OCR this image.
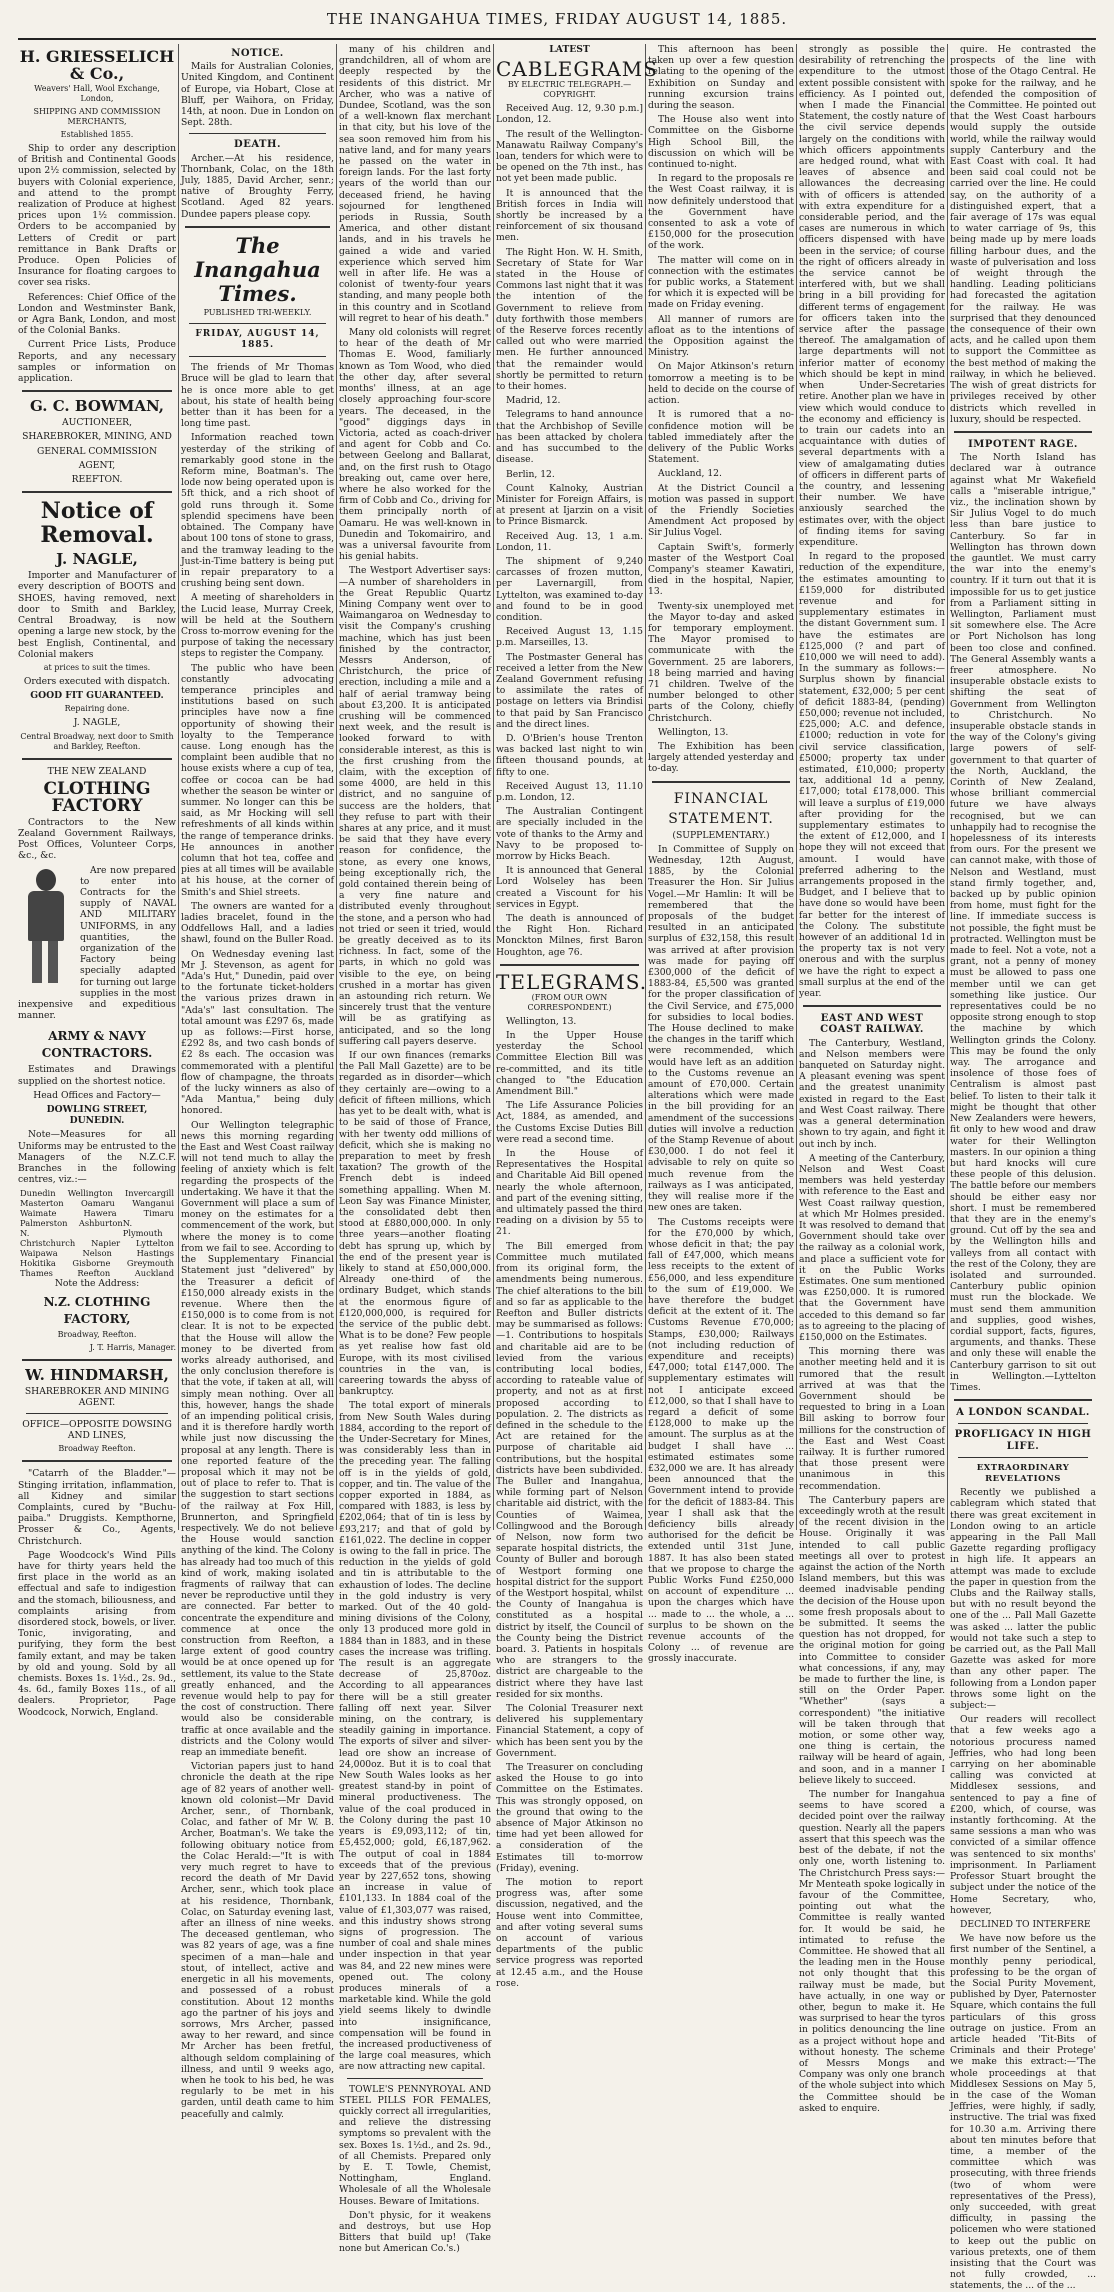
THE INANGAHUA TIMES, FRIDAY AUGUST 14, 1885.
H. GRIESSELICH & Co.,

Weavers' Hall, Wool Exchange, London,

SHIPPING AND COMMISSION MERCHANTS,

Established 1855.

Ship to order any description of British and Continental Goods upon 2½ commission, selected by buyers with Colonial experience, and attend to the prompt realization of Produce at highest prices upon 1½ commission. Orders to be accompanied by Letters of Credit or part remittance in Bank Drafts or Produce. Open Policies of Insurance for floating cargoes to cover sea risks.

References: Chief Office of the London and Westminster Bank, or Agra Bank, London, and most of the Colonial Banks.

Current Price Lists, Produce Reports, and any necessary samples or information on application.

G. C. BOWMAN,

AUCTIONEER,

SHAREBROKER, MINING, AND

GENERAL COMMISSION

AGENT,

REEFTON.

Notice of Removal.
J. NAGLE,

Importer and Manufacturer of every description of BOOTS and SHOES, having removed, next door to Smith and Barkley, Central Broadway, is now opening a large new stock, by the best English, Continental, and Colonial makers

at prices to suit the times.

Orders executed with dispatch.

GOOD FIT GUARANTEED.

Repairing done.

J. NAGLE,

Central Broadway, next door to Smith and Barkley, Reefton.

THE NEW ZEALAND

CLOTHING FACTORY

Contractors to the New Zealand Government Railways, Post Offices, Volunteer Corps, &c., &c.

Are now prepared to enter into Contracts for the supply of NAVAL AND MILITARY UNIFORMS, in any quantities, the organization of the Factory being specially adapted for turning out large supplies in the most inexpensive and expeditious manner.

ARMY & NAVY CONTRACTORS.

Estimates and Drawings supplied on the shortest notice.

Head Offices and Factory—

DOWLING STREET, DUNEDIN.

Note—Measures for all Uniforms may be entrusted to the Managers of the N.Z.C.F. Branches in the following centres, viz.:—

Dunedin Wellington Invercargill
Masterton Oamaru Wanganui
Waimate	Hawera	Timaru
Palmerston N.
Ashburton N. Plymouth
Christchurch Napier Lyttelton
Waipawa	Nelson	Hastings
Hokitika Gisborne Greymouth
Thames	Reefton	Auckland

Note the Address:

N.Z. CLOTHING FACTORY,

Broadway, Reefton.

J. T. Harris, Manager.

W. HINDMARSH,

SHAREBROKER AND MINING AGENT.

OFFICE—OPPOSITE DOWSING AND LINES,

Broadway Reefton.

"Catarrh of the Bladder."—Stinging irritation, inflammation, all Kidney and similar Complaints, cured by "Buchu-paiba." Druggists. Kempthorne, Prosser & Co., Agents, Christchurch.

Page Woodcock's Wind Pills have for thirty years held the first place in the world as an effectual and safe to indigestion and the stomach, biliousness, and complaints arising from disordered stock, bowels, or liver. Tonic, invigorating, and purifying, they form the best family extant, and may be taken by old and young. Sold by all chemists. Boxes 1s. 1½d., 2s. 9d., 4s. 6d., family Boxes 11s., of all dealers. Proprietor, Page Woodcock, Norwich, England.

NOTICE.

Mails for Australian Colonies, United Kingdom, and Continent of Europe, via Hobart, Close at Bluff, per Waihora, on Friday, 14th, at noon. Due in London on Sept. 28th.

DEATH.

Archer.—At his residence, Thornbank, Colac, on the 18th July, 1885, David Archer, senr.; native of Broughty Ferry, Scotland. Aged 82 years. Dundee papers please copy.

The Inangahua Times.

PUBLISHED TRI-WEEKLY.

FRIDAY, AUGUST 14, 1885.

The friends of Mr Thomas Bruce will be glad to learn that he is once more able to get about, his state of health being better than it has been for a long time past.

Information reached town yesterday of the striking of remarkably good stone in the Reform mine, Boatman's. The lode now being operated upon is 5ft thick, and a rich shoot of gold runs through it. Some splendid specimens have been obtained. The Company have about 100 tons of stone to grass, and the tramway leading to the Just-in-Time battery is being put in repair preparatory to a crushing being sent down.

A meeting of shareholders in the Lucid lease, Murray Creek, will be held at the Southern Cross to-morrow evening for the purpose of taking the necessary steps to register the Company.

The public who have been constantly advocating temperance principles and institutions based on such principles have now a fine opportunity of showing their loyalty to the Temperance cause. Long enough has the complaint been audible that no house exists where a cup of tea, coffee or cocoa can be had whether the season be winter or summer. No longer can this be said, as Mr Hocking will sell refreshments of all kinds within the range of temperance drinks. He announces in another column that hot tea, coffee and pies at all times will be available at his house, at the corner of Smith's and Shiel streets.

The owners are wanted for a ladies bracelet, found in the Oddfellows Hall, and a ladies shawl, found on the Buller Road.

On Wednesday evening last Mr J. Stevenson, as agent for "Ada's Hut," Dunedin, paid over to the fortunate ticket-holders the various prizes drawn in "Ada's" last consultation. The total amount was £297 6s, made up as follows:—First horse, £292 8s, and two cash bonds of £2 8s each. The occasion was commemorated with a plentiful flow of champagne, the throats of the lucky winners as also of "Ada Mantua," being duly honored.

Our Wellington telegraphic news this morning regarding the East and West Coast railway will not tend much to allay the feeling of anxiety which is felt regarding the prospects of the undertaking. We have it that the Government will place a sum of money on the estimates for a commencement of the work, but where the money is to come from we fail to see. According to the Supplementary Financial Statement just "delivered" by the Treasurer a deficit of £150,000 already exists in the revenue. Where then the £150,000 is to come from is not clear. It is not to be expected that the House will allow the money to be diverted from works already authorised, and the only conclusion therefore is that the vote, if taken at all, will simply mean nothing. Over all this, however, hangs the shade of an impending political crisis, and it is therefore hardly worth while just now discussing the proposal at any length. There is one reported feature of the proposal which it may not be out of place to refer to. That is the suggestion to start sections of the railway at Fox Hill, Brunnerton, and Springfield respectively. We do not believe the House would sanction anything of the kind. The Colony has already had too much of this kind of work, making isolated fragments of railway that can never be reproductive until they are connected. Far better to concentrate the expenditure and commence at once the construction from Reefton, a large extent of good country would be at once opened up for settlement, its value to the State greatly enhanced, and the revenue would help to pay for the cost of construction. There would also be considerable traffic at once available and the districts and the Colony would reap an immediate benefit.

Victorian papers just to hand chronicle the death at the ripe age of 82 years of another well-known old colonist—Mr David Archer, senr., of Thornbank, Colac, and father of Mr W. B. Archer, Boatman's. We take the following obituary notice from the Colac Herald:—"It is with very much regret to have to record the death of Mr David Archer, senr., which took place at his residence, Thornbank, Colac, on Saturday evening last, after an illness of nine weeks. The deceased gentleman, who was 82 years of age, was a fine specimen of a man—hale and stout, of intellect, active and energetic in all his movements, and possessed of a robust constitution. About 12 months ago the partner of his joys and sorrows, Mrs Archer, passed away to her reward, and since Mr Archer has been fretful, although seldom complaining of illness, and until 9 weeks ago, when he took to his bed, he was regularly to be met in his garden, until death came to him peacefully and calmly.

many of his children and grandchildren, all of whom are deeply respected by the residents of this district. Mr Archer, who was a native of Dundee, Scotland, was the son of a well-known flax merchant in that city, but his love of the sea soon removed him from his native land, and for many years he passed on the water in foreign lands. For the last forty years of the world than our deceased friend, he having sojourned for lengthened periods in Russia, South America, and other distant lands, and in his travels he gained a wide and varied experience which served him well in after life. He was a colonist of twenty-four years standing, and many people both in this country and in Scotland will regret to hear of his death."

Many old colonists will regret to hear of the death of Mr Thomas E. Wood, familiarly known as Tom Wood, who died the other day, after several months' illness, at an age closely approaching four-score years. The deceased, in the "good" diggings days in Victoria, acted as coach-driver and agent for Cobb and Co. between Geelong and Ballarat, and, on the first rush to Otago breaking out, came over here, where he also worked for the firm of Cobb and Co., driving for them principally north of Oamaru. He was well-known in Dunedin and Tokomairiro, and was a universal favourite from his genial habits.

The Westport Advertiser says:—A number of shareholders in the Great Republic Quartz Mining Company went over to Waimangaroa on Wednesday to visit the Company's crushing machine, which has just been finished by the contractor, Messrs Anderson, of Christchurch, the price of erection, including a mile and a half of aerial tramway being about £3,200. It is anticipated crushing will be commenced next week, and the result is looked forward to with considerable interest, as this is the first crushing from the claim, with the exception of some 4000, are held in this district, and no sanguine of success are the holders, that they refuse to part with their shares at any price, and it must be said that they have every reason for confidence, the stone, as every one knows, being exceptionally rich, the gold contained therein being of a very fine nature and distributed evenly throughout the stone, and a person who had not tried or seen it tried, would be greatly deceived as to its richness. In fact, some of the parts, in which no gold was visible to the eye, on being crushed in a mortar has given an astounding rich return. We sincerely trust that the venture will be as gratifying as anticipated, and so the long suffering call payers deserve.

If our own finances (remarks the Pall Mall Gazette) are to be regarded as in disorder—which they certainly are—owing to a deficit of fifteen millions, which has yet to be dealt with, what is to be said of those of France, with her twenty odd millions of deficit, which she is making no preparation to meet by fresh taxation? The growth of the French debt is indeed something appalling. When M. Leon Say was Finance Minister, the consolidated debt then stood at £880,000,000. In only three years—another floating debt has sprung up, which by the end of the present year is likely to stand at £50,000,000. Already one-third of the ordinary Budget, which stands at the enormous figure of £120,000,000, is required for the service of the public debt. What is to be done? Few people as yet realise how fast old Europe, with its most civilised countries in the van, is careering towards the abyss of bankruptcy.

The total export of minerals from New South Wales during 1884, according to the report of the Under-Secretary for Mines, was considerably less than in the preceding year. The falling off is in the yields of gold, copper, and tin. The value of the copper exported in 1884, as compared with 1883, is less by £202,064; that of tin is less by £93,217; and that of gold by £161,022. The decline in copper is owing to the fall in price. The reduction in the yields of gold and tin is attributable to the exhaustion of lodes. The decline in the gold industry is very marked. Out of the 40 gold-mining divisions of the Colony, only 13 produced more gold in 1884 than in 1883, and in these cases the increase was trifling. The result is an aggregate decrease of 25,870oz. According to all appearances there will be a still greater falling off next year. Silver mining, on the contrary, is steadily gaining in importance. The exports of silver and silver-lead ore show an increase of 24,000oz. But it is to coal that New South Wales looks as her greatest stand-by in point of mineral productiveness. The value of the coal produced in the Colony during the past 10 years is £9,093,112; of tin, £5,452,000; gold, £6,187,962. The output of coal in 1884 exceeds that of the previous year by 227,652 tons, showing an increase in value of £101,133. In 1884 coal of the value of £1,303,077 was raised, and this industry shows strong signs of progression. The number of coal and shale mines under inspection in that year was 84, and 22 new mines were opened out. The colony produces minerals of a marketable kind. While the gold yield seems likely to dwindle into insignificance, compensation will be found in the increased productiveness of the large coal measures, which are now attracting new capital.

TOWLE'S PENNYROYAL AND STEEL PILLS FOR FEMALES, quickly correct all irregularities, and relieve the distressing symptoms so prevalent with the sex. Boxes 1s. 1½d., and 2s. 9d., of all Chemists. Prepared only by E. T. Towle, Chemist, Nottingham, England. Wholesale of all the Wholesale Houses. Beware of Imitations.

Don't physic, for it weakens and destroys, but use Hop Bitters that build up! (Take none but American Co.'s.)

LATEST

CABLEGRAMS

BY ELECTRIC TELEGRAPH.—COPYRIGHT.

Received Aug. 12, 9.30 p.m.] London, 12.

The result of the Wellington-Manawatu Railway Company's loan, tenders for which were to be opened on the 7th inst., has not yet been made public.

It is announced that the British forces in India will shortly be increased by a reinforcement of six thousand men.

The Right Hon. W. H. Smith, Secretary of State for War stated in the House of Commons last night that it was the intention of the Government to relieve from duty forthwith those members of the Reserve forces recently called out who were married men. He further announced that the remainder would shortly be permitted to return to their homes.

Madrid, 12.

Telegrams to hand announce that the Archbishop of Seville has been attacked by cholera and has succumbed to the disease.

Berlin, 12.

Count Kalnoky, Austrian Minister for Foreign Affairs, is at present at Ijarzin on a visit to Prince Bismarck.

Received Aug. 13, 1 a.m. London, 11.

The shipment of 9,240 carcasses of frozen mutton, per Lavernargill, from Lyttelton, was examined to-day and found to be in good condition.

Received August 13, 1.15 p.m. Marseilles, 13.

The Postmaster General has received a letter from the New Zealand Government refusing to assimilate the rates of postage on letters via Brindisi to that paid by San Francisco and the direct lines.

D. O'Brien's house Trenton was backed last night to win fifteen thousand pounds, at fifty to one.

Received August 13, 11.10 p.m. London, 12.

The Australian Contingent are specially included in the vote of thanks to the Army and Navy to be proposed to-morrow by Hicks Beach.

It is announced that General Lord Wolseley has been created a Viscount for his services in Egypt.

The death is announced of the Right Hon. Richard Monckton Milnes, first Baron Houghton, age 76.

TELEGRAMS.

(FROM OUR OWN CORRESPONDENT.)

Wellington, 13.

In the Upper House yesterday the School Committee Election Bill was re-committed, and its title changed to "the Education Amendment Bill."

The Life Assurance Policies Act, 1884, as amended, and the Customs Excise Duties Bill were read a second time.

In the House of Representatives the Hospital and Charitable Aid Bill opened nearly the whole afternoon, and part of the evening sitting, and ultimately passed the third reading on a division by 55 to 21.

The Bill emerged from Committee much mutilated from its original form, the amendments being numerous. The chief alterations to the bill and so far as applicable to the Reefton and Buller districts may be summarised as follows:—1. Contributions to hospitals and charitable aid are to be levied from the various contributing local bodies, according to rateable value of property, and not as at first proposed according to population. 2. The districts as defined in the schedule to the Act are retained for the purpose of charitable aid contributions, but the hospital districts have been subdivided. The Buller and Inangahua, while forming part of Nelson charitable aid district, with the Counties of Waimea, Collingwood and the Borough of Nelson, now form two separate hospital districts, the County of Buller and borough of Westport forming one hospital district for the support of the Westport hospital, whilst the County of Inangahua is constituted as a hospital district by itself, the Council of the County being the District board. 3. Patients in hospitals who are strangers to the district are chargeable to the district where they have last resided for six months.

The Colonial Treasurer next delivered his supplementary Financial Statement, a copy of which has been sent you by the Government.

The Treasurer on concluding asked the House to go into Committee on the Estimates. This was strongly opposed, on the ground that owing to the absence of Major Atkinson no time had yet been allowed for a consideration of the Estimates till to-morrow (Friday), evening.

The motion to report progress was, after some discussion, negatived, and the House went into Committee, and after voting several sums on account of various departments of the public service progress was reported at 12.45 a.m., and the House rose.

This afternoon has been taken up over a few question relating to the opening of the Exhibition on Sunday and running excursion trains during the season.

The House also went into Committee on the Gisborne High School Bill, the discussion on which will be continued to-night.

In regard to the proposals re the West Coast railway, it is now definitely understood that the Government have consented to ask a vote of £150,000 for the prosecution of the work.

The matter will come on in connection with the estimates for public works, a Statement for which it is expected will be made on Friday evening.

All manner of rumors are afloat as to the intentions of the Opposition against the Ministry.

On Major Atkinson's return tomorrow a meeting is to be held to decide on the course of action.

It is rumored that a no-confidence motion will be tabled immediately after the delivery of the Public Works Statement.

Auckland, 12.

At the District Council a motion was passed in support of the Friendly Societies Amendment Act proposed by Sir Julius Vogel.

Captain Swift's, formerly master of the Westport Coal Company's steamer Kawatiri, died in the hospital, Napier, 13.

Twenty-six unemployed met the Mayor to-day and asked for temporary employment. The Mayor promised to communicate with the Government. 25 are laborers, 18 being married and having 71 children. Twelve of the number belonged to other parts of the Colony, chiefly Christchurch.

Wellington, 13.

The Exhibition has been largely attended yesterday and to-day.

FINANCIAL STATEMENT.

(SUPPLEMENTARY.)

In Committee of Supply on Wednesday, 12th August, 1885, by the Colonial Treasurer the Hon. Sir Julius Vogel.—Mr Hamlin: It will be remembered that the proposals of the budget resulted in an anticipated surplus of £32,158, this result was arrived at after provision was made for paying off £300,000 of the deficit of 1883-84, £5,500 was granted for the proper classification of the Civil Service, and £75,000 for subsidies to local bodies. The House declined to make the changes in the tariff which were recommended, which would have left as an addition to the Customs revenue an amount of £70,000. Certain alterations which were made in the bill providing for an amendment of the successions duties will involve a reduction of the Stamp Revenue of about £30,000. I do not feel it advisable to rely on quite so much revenue from the railways as I was anticipated, they will realise more if the new ones are taken.

The Customs receipts were for the £70,000 by which, whose deficit in that; the pay fall of £47,000, which means less receipts to the extent of £56,000, and less expenditure to the sum of £19,000. We have therefore the budget deficit at the extent of it. The Customs Revenue £70,000; Stamps, £30,000; Railways (not including reduction of expenditure and receipts) £47,000; total £147,000. The supplementary estimates will not I anticipate exceed £12,000, so that I shall have to regard a deficit of some £128,000 to make up the amount. The surplus as at the budget I shall have ... estimated estimates some £32,000 we are. It has already been announced that the Government intend to provide for the deficit of 1883-84. This year I shall ask that the deficiency bills already authorised for the deficit be extended until 31st June, 1887. It has also been stated that we propose to charge the Public Works Fund £250,000 on account of expenditure ... upon the charges which have ... made to ... the whole, a ... surplus to be shown on the revenue accounts of the Colony ... of revenue are grossly inaccurate.

strongly as possible the desirability of retrenching the expenditure to the utmost extent possible consistent with efficiency. As I pointed out, when I made the Financial Statement, the costly nature of the civil service depends largely on the conditions with which officers appointments are hedged round, what with leaves of absence and allowances the decreasing with of officers is attended with extra expenditure for a considerable period, and the cases are numerous in which officers dispensed with have been in the service; of course the right of officers already in the service cannot be interfered with, but we shall bring in a bill providing for different terms of engagement for officers taken into the service after the passage thereof. The amalgamation of large departments will not inferior matter of economy which should be kept in mind when Under-Secretaries retire. Another plan we have in view which would conduce to the economy and efficiency is to train our cadets into an acquaintance with duties of several departments with a view of amalgamating duties of officers in different parts of the country, and lessening their number. We have anxiously searched the estimates over, with the object of finding items for saving expenditure.

In regard to the proposed reduction of the expenditure, the estimates amounting to £159,000 for distributed revenue and for supplementary estimates in the distant Government sum. I have the estimates are £125,000 (? and part of £10,000 we will need to add). In the summary as follows:—Surplus shown by financial statement, £32,000; 5 per cent of deficit 1883-84, (pending) £50,000; revenue not included, £25,000; A.C. and defence, £1000; reduction in vote for civil service classification, £5000; property tax under estimated, £10,000; property tax, additional 1d a penny, £17,000; total £178,000. This will leave a surplus of £19,000 after providing for the supplementary estimates to the extent of £12,000, and I hope they will not exceed that amount. I would have preferred adhering to the arrangements proposed in the Budget, and I believe that to have done so would have been far better for the interest of the Colony. The substitute however of an additional 1d in the property tax is not very onerous and with the surplus we have the right to expect a small surplus at the end of the year.

EAST AND WEST COAST RAILWAY.

The Canterbury, Westland, and Nelson members were banqueted on Saturday night. A pleasant evening was spent and the greatest unanimity existed in regard to the East and West Coast railway. There was a general determination shown to try again, and fight it out inch by inch.

A meeting of the Canterbury, Nelson and West Coast members was held yesterday with reference to the East and West Coast railway question, at which Mr Holmes presided. It was resolved to demand that Government should take over the railway as a colonial work, and place a sufficient vote for it on the Public Works Estimates. One sum mentioned was £250,000. It is rumored that the Government have acceded to this demand so far as to agreeing to the placing of £150,000 on the Estimates.

This morning there was another meeting held and it is rumored that the result arrived at was that the Government should be requested to bring in a Loan Bill asking to borrow four millions for the construction of the East and West Coast railway. It is further rumored that those present were unanimous in this recommendation.

The Canterbury papers are exceedingly wroth at the result of the recent division in the House. Originally it was intended to call public meetings all over to protest against the action of the North Island members, but this was deemed inadvisable pending the decision of the House upon some fresh proposals about to be submitted. It seems the question has not dropped, for the original motion for going into Committee to consider what concessions, if any, may be made to further the line, is still on the Order Paper. "Whether" (says a correspondent) "the initiative will be taken through that motion, or some other way, one thing is certain, the railway will be heard of again, and soon, and in a manner I believe likely to succeed.

The number for Inangahua seems to have scored a decided point over the railway question. Nearly all the papers assert that this speech was the best of the debate, if not the only one, worth listening to. The Christchurch Press says:—Mr Menteath spoke logically in favour of the Committee, pointing out what the Committee is really wanted for. It would be said, he intimated to refuse the Committee. He showed that all the leading men in the House not only thought that this railway must be made, but have actually, in one way or other, begun to make it. He was surprised to hear the tyros in politics denouncing the line as a project without hope and without honesty. The scheme of Messrs Mongs and Company was only one branch of the whole subject into which the Committee should be asked to enquire.

quire. He contrasted the prospects of the line with those of the Otago Central. He spoke for the railway, and he defended the composition of the Committee. He pointed out that the West Coast harbours would supply the outside world, while the railway would supply Canterbury and the East Coast with coal. It had been said coal could not be carried over the line. He could say, on the authority of a distinguished expert, that a fair average of 17s was equal to water carriage of 9s, this being made up by mere loads filling harbour dues, and the waste of pulverisation and loss of weight through the handling. Leading politicians had forecasted the agitation for the railway. He was surprised that they denounced the consequence of their own acts, and he called upon them to support the Committee as the best method of making the railway, in which he believed. The wish of great districts for privileges received by other districts which revelled in luxury, should be respected.

IMPOTENT RAGE.

The North Island has declared war à outrance against what Mr Wakefield calls a "miserable intrigue," viz., the inclination shown by Sir Julius Vogel to do much less than bare justice to Canterbury. So far in Wellington has thrown down the gauntlet. We must carry the war into the enemy's country. If it turn out that it is impossible for us to get justice from a Parliament sitting in Wellington, Parliament must sit somewhere else. The Acre or Port Nicholson has long been too close and confined. The General Assembly wants a freer atmosphere. No insuperable obstacle exists to shifting the seat of Government from Wellington to Christchurch. No insuperable obstacle stands in the way of the Colony's giving large powers of self-government to that quarter of the North, Auckland, the Corinth of New Zealand, whose brilliant commercial future we have always recognised, but we can unhappily had to recognise the hopelessness of its interests from ours. For the present we can cannot make, with those of Nelson and Westland, must stand firmly together, and, backed up by public opinion from home, must fight for the line. If immediate success is not possible, the fight must be protracted. Wellington must be made to feel. Not a vote, not a grant, not a penny of money must be allowed to pass one member until we can get something like justice. Our representatives could be no opposite strong enough to stop the machine by which Wellington grinds the Colony. This may be found the only way. The arrogance and insolence of those foes of Centralism is almost past belief. To listen to their talk it might be thought that other New Zealanders were hewers, fit only to hew wood and draw water for their Wellington masters. In our opinion a thing but hard knocks will cure these people of this delusion. The battle before our members should be either easy nor short. I must be remembered that they are in the enemy's ground. Cut off by the sea and by the Wellington hills and valleys from all contact with the rest of the Colony, they are isolated and surrounded. Canterbury public opinion must run the blockade. We must send them ammunition and supplies, good wishes, cordial support, facts, figures, arguments, and thanks. These and only these will enable the Canterbury garrison to sit out in Wellington.—Lyttelton Times.

A LONDON SCANDAL.
PROFLIGACY IN HIGH LIFE.
EXTRAORDINARY REVELATIONS

Recently we published a cablegram which stated that there was great excitement in London owing to an article appearing in the Pall Mall Gazette regarding profligacy in high life. It appears an attempt was made to exclude the paper in question from the Clubs and the Railway stalls, but with no result beyond the one of the ... Pall Mall Gazette was asked ... latter the public would not take such a step to be carried out, as the Pall Mall Gazette was asked for more than any other paper. The following from a London paper throws some light on the subject:—

Our readers will recollect that a few weeks ago a notorious procuress named Jeffries, who had long been carrying on her abominable calling was convicted at Middlesex sessions, and sentenced to pay a fine of £200, which, of course, was instantly forthcoming. At the same sessions a man who was convicted of a similar offence was sentenced to six months' imprisonment. In Parliament Professor Stuart brought the subject under the notice of the Home Secretary, who, however,

DECLINED TO INTERFERE

We have now before us the first number of the Sentinel, a monthly penny periodical, professing to be the organ of the Social Purity Movement, published by Dyer, Paternoster Square, which contains the full particulars of this gross outrage on justice. From an article headed 'Tit-Bits of Criminals and their Protege' we make this extract:—'The whole proceedings at that Middlesex Sessions on May 5, in the case of the Woman Jeffries, were highly, if sadly, instructive. The trial was fixed for 10.30 a.m. Arriving there about ten minutes before that time, a member of the committee which was prosecuting, with three friends (two of whom were representatives of the Press), only succeeded, with great difficulty, in passing the policemen who were stationed to keep out the public on various pretexts, one of them insisting that the Court was not fully crowded, ... statements, the ... of the ...
